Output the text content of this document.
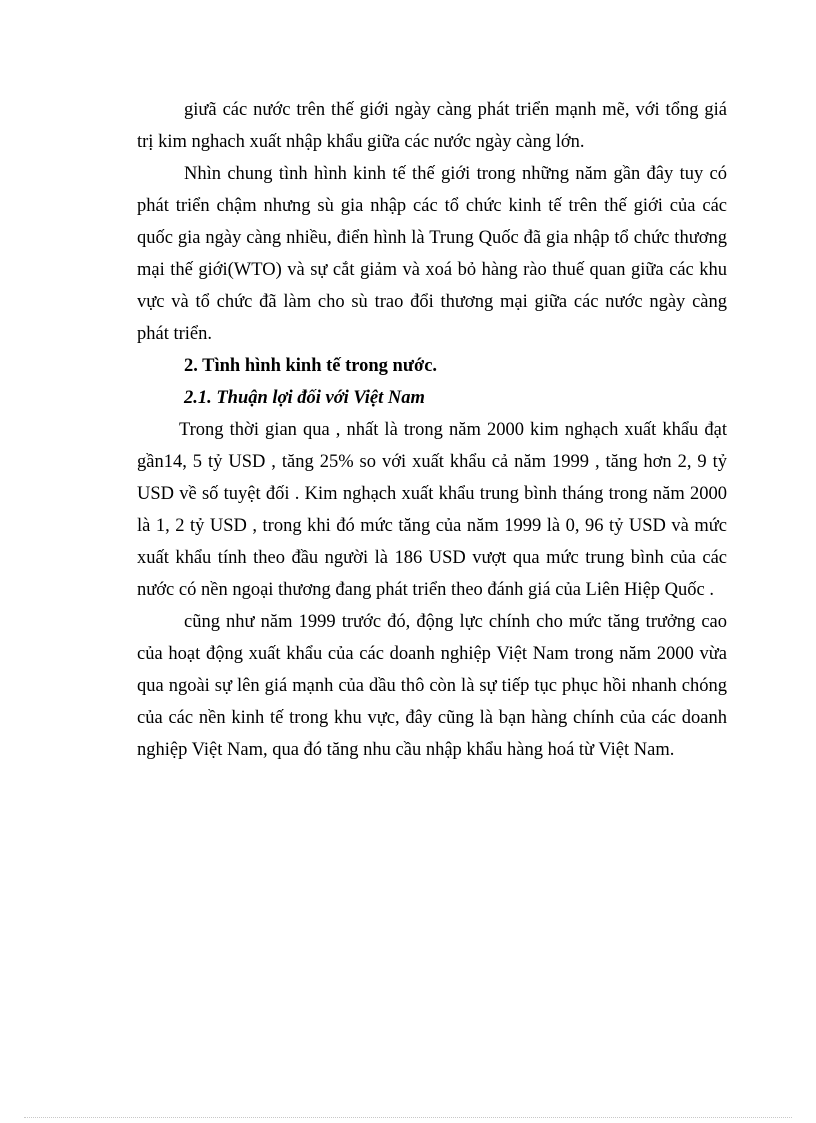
giưã các nước trên thế giới ngày càng phát triển mạnh mẽ, với tổng giá trị kim nghach xuất nhập khẩu giữa các nước ngày càng lớn.

Nhìn chung tình hình kinh tế thế giới trong những năm gần đây tuy có phát triển chậm nhưng sù gia nhập các tổ chức kinh tế trên thế giới của các quốc gia ngày càng nhiều, điển hình là Trung Quốc đã gia nhập tổ chức thương mại thế giới(WTO) và sự cắt giảm và xoá bỏ hàng rào thuế quan giữa các khu vực và tổ chức đã làm cho sù trao đổi thương mại giữa các nước ngày càng phát triển.

2. Tình hình kinh tế trong nước.

2.1. Thuận lợi đối với Việt Nam

Trong thời gian qua , nhất là trong năm 2000 kim nghạch xuất khẩu đạt gần14, 5 tỷ USD , tăng 25% so với xuất khẩu cả năm 1999 , tăng hơn 2, 9 tỷ USD về số tuyệt đối . Kim nghạch xuất khẩu trung bình tháng trong năm 2000 là 1, 2 tỷ USD , trong khi đó mức tăng của năm 1999 là 0, 96 tỷ USD và mức xuất khẩu tính theo đầu người là 186 USD vượt qua mức trung bình của các nước có nền ngoại thương đang phát triển theo đánh giá của Liên Hiệp Quốc .

cũng như năm 1999 trước đó, động lực chính cho mức tăng trưởng cao của hoạt động xuất khẩu của các doanh nghiệp Việt Nam trong năm 2000 vừa qua ngoài sự lên giá mạnh của dầu thô còn là sự tiếp tục phục hồi nhanh chóng của các nền kinh tế trong khu vực, đây cũng là bạn hàng chính của các doanh nghiệp Việt Nam, qua đó tăng nhu cầu nhập khẩu hàng hoá từ Việt Nam.
